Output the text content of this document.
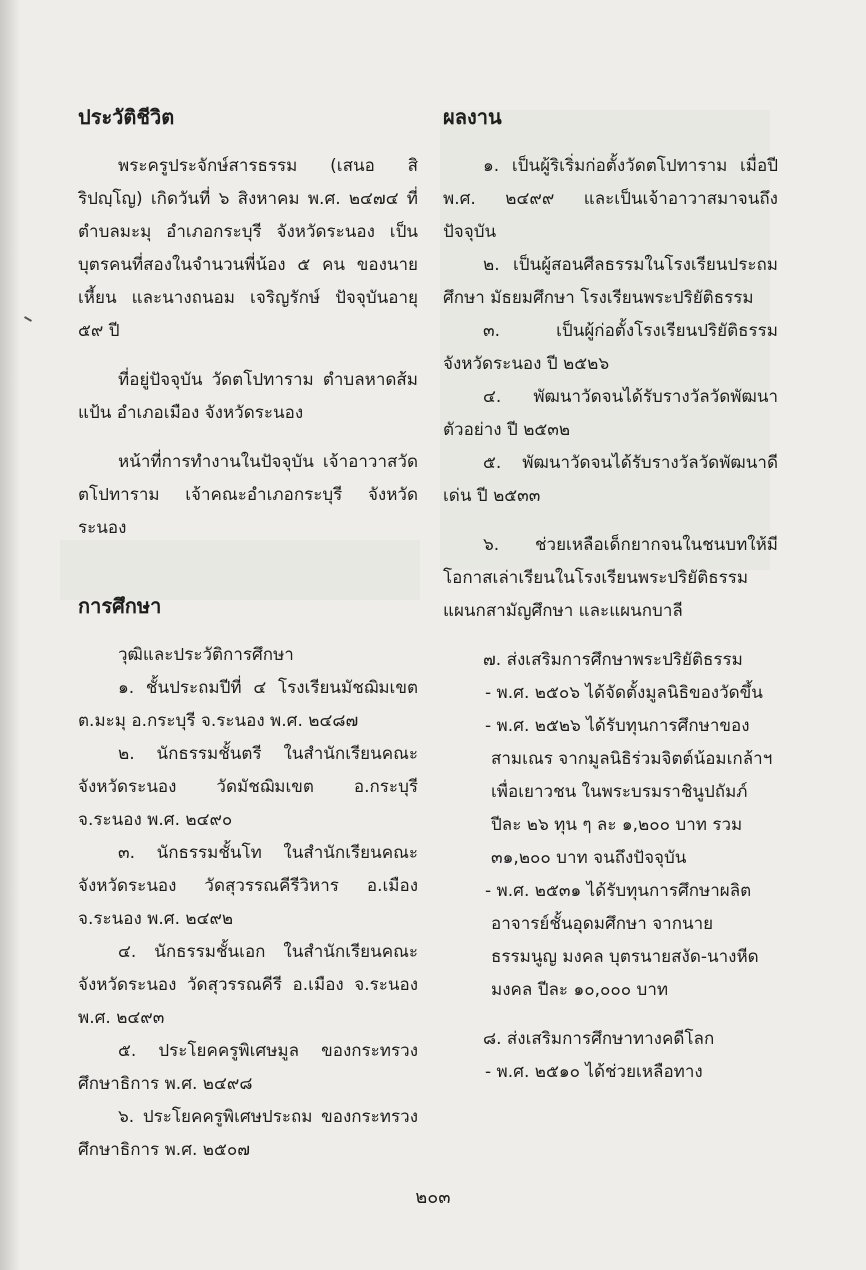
ประวัติชีวิต

พระครูประจักษ์สารธรรม (เสนอ สิริปญฺโญ) เกิดวันที่ ๖ สิงหาคม พ.ศ. ๒๔๗๔ ที่ตำบลมะมุ อำเภอกระบุรี จังหวัดระนอง เป็นบุตรคนที่สองในจำนวนพี่น้อง ๕ คน ของนายเหี้ยน และนางถนอม เจริญรักษ์ ปัจจุบันอายุ ๕๙ ปี

ที่อยู่ปัจจุบัน วัดตโปทาราม ตำบลหาดส้มแป้น อำเภอเมือง จังหวัดระนอง

หน้าที่การทำงานในปัจจุบัน เจ้าอาวาสวัดตโปทาราม เจ้าคณะอำเภอกระบุรี จังหวัดระนอง

การศึกษา

วุฒิและประวัติการศึกษา

๑. ชั้นประถมปีที่ ๔ โรงเรียนมัชฌิมเขต ต.มะมุ อ.กระบุรี จ.ระนอง พ.ศ. ๒๔๘๗

๒. นักธรรมชั้นตรี ในสำนักเรียนคณะจังหวัดระนอง วัดมัชฌิมเขต อ.กระบุรี จ.ระนอง พ.ศ. ๒๔๙๐

๓. นักธรรมชั้นโท ในสำนักเรียนคณะจังหวัดระนอง วัดสุวรรณคีรีวิหาร อ.เมือง จ.ระนอง พ.ศ. ๒๔๙๒

๔. นักธรรมชั้นเอก ในสำนักเรียนคณะจังหวัดระนอง วัดสุวรรณคีรี อ.เมือง จ.ระนอง พ.ศ. ๒๔๙๓

๕. ประโยคครูพิเศษมูล ของกระทรวงศึกษาธิการ พ.ศ. ๒๔๙๘

๖. ประโยคครูพิเศษประถม ของกระทรวงศึกษาธิการ พ.ศ. ๒๕๐๗

ผลงาน

๑. เป็นผู้ริเริ่มก่อตั้งวัดตโปทาราม เมื่อปี พ.ศ. ๒๔๙๙ และเป็นเจ้าอาวาสมาจนถึงปัจจุบัน

๒. เป็นผู้สอนศีลธรรมในโรงเรียนประถมศึกษา มัธยมศึกษา โรงเรียนพระปริยัติธรรม

๓. เป็นผู้ก่อตั้งโรงเรียนปริยัติธรรม จังหวัดระนอง ปี ๒๕๒๖

๔. พัฒนาวัดจนได้รับรางวัลวัดพัฒนาตัวอย่าง ปี ๒๕๓๒

๕. พัฒนาวัดจนได้รับรางวัลวัดพัฒนาดีเด่น ปี ๒๕๓๓

๖. ช่วยเหลือเด็กยากจนในชนบทให้มีโอกาสเล่าเรียนในโรงเรียนพระปริยัติธรรม แผนกสามัญศึกษา และแผนกบาลี

๗. ส่งเสริมการศึกษาพระปริยัติธรรม

- พ.ศ. ๒๕๐๖ ได้จัดตั้งมูลนิธิของวัดขึ้น

- พ.ศ. ๒๕๒๖ ได้รับทุนการศึกษาของสามเณร จากมูลนิธิร่วมจิตต์น้อมเกล้าฯ เพื่อเยาวชน ในพระบรมราชินูปถัมภ์ ปีละ ๒๖ ทุน ๆ ละ ๑,๒๐๐ บาท รวม ๓๑,๒๐๐ บาท จนถึงปัจจุบัน

- พ.ศ. ๒๕๓๑ ได้รับทุนการศึกษาผลิตอาจารย์ชั้นอุดมศึกษา จากนายธรรมนูญ มงคล บุตรนายสงัด-นางหีด มงคล ปีละ ๑๐,๐๐๐ บาท

๘. ส่งเสริมการศึกษาทางคดีโลก

- พ.ศ. ๒๕๑๐ ได้ช่วยเหลือทาง

๒๐๓
